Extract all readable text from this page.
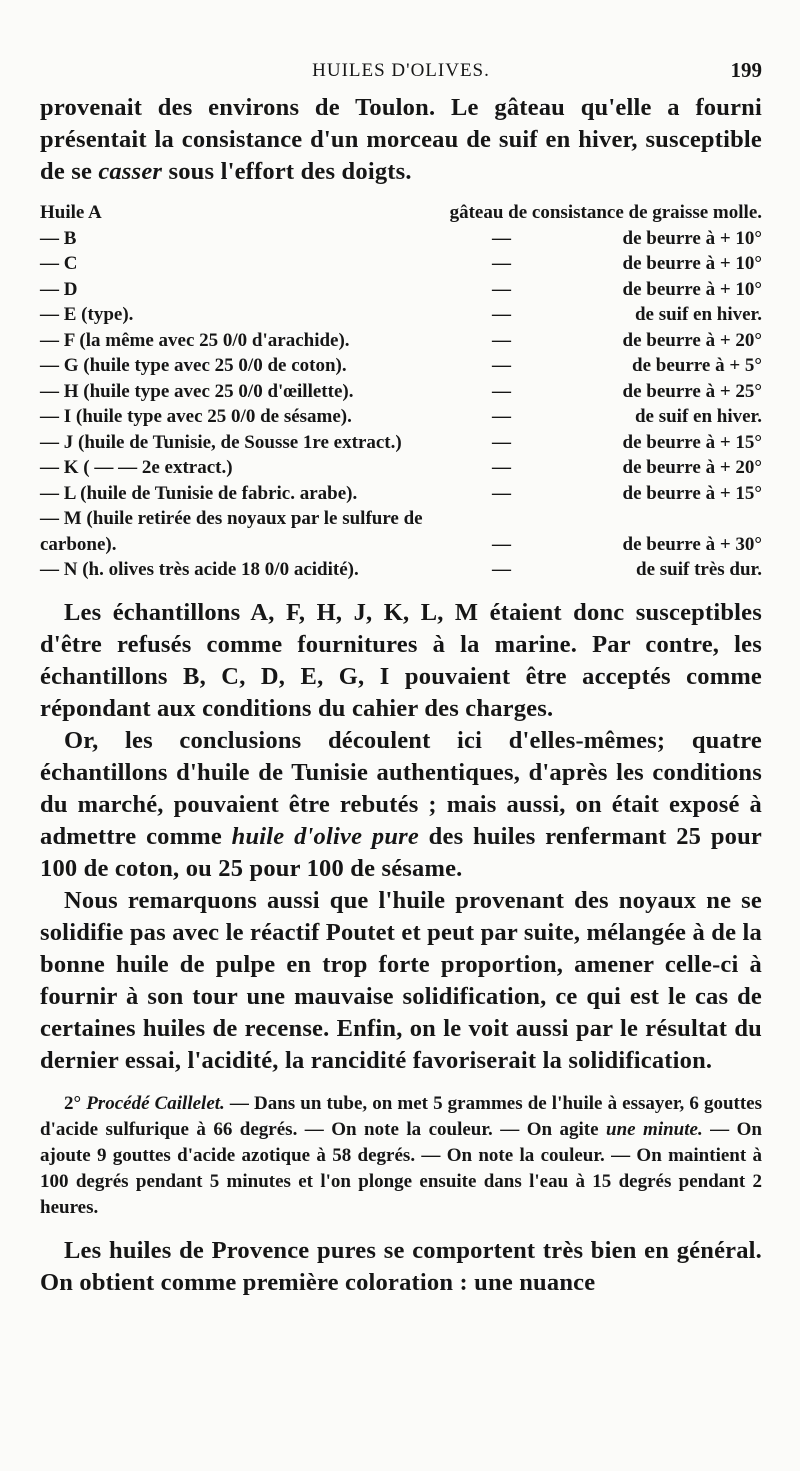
HUILES D'OLIVES.	199

provenait des environs de Toulon. Le gâteau qu'elle a fourni présentait la consistance d'un morceau de suif en hiver, susceptible de se casser sous l'effort des doigts.

Huile A	gâteau de consistance de graisse molle.
— B	—	de beurre à + 10°
— C	—	de beurre à + 10°
— D	—	de beurre à + 10°
— E (type).	—	de suif en hiver.
— F (la même avec 25 0/0 d'arachide).	—	de beurre à + 20°
— G (huile type avec 25 0/0 de coton).	—	de beurre à + 5°
— H (huile type avec 25 0/0 d'œillette).	—	de beurre à + 25°
— I (huile type avec 25 0/0 de sésame).	—	de suif en hiver.
— J (huile de Tunisie, de Sousse 1re extract.)	—	de beurre à + 15°
— K ( — — 2e extract.)	—	de beurre à + 20°
— L (huile de Tunisie de fabric. arabe).	—	de beurre à + 15°
— M (huile retirée des noyaux par le sulfure de carbone).	—	de beurre à + 30°
— N (h. olives très acide 18 0/0 acidité).	—	de suif très dur.

Les échantillons A, F, H, J, K, L, M étaient donc susceptibles d'être refusés comme fournitures à la marine. Par contre, les échantillons B, C, D, E, G, I pouvaient être acceptés comme répondant aux conditions du cahier des charges.

Or, les conclusions découlent ici d'elles-mêmes; quatre échantillons d'huile de Tunisie authentiques, d'après les conditions du marché, pouvaient être rebutés ; mais aussi, on était exposé à admettre comme huile d'olive pure des huiles renfermant 25 pour 100 de coton, ou 25 pour 100 de sésame.

Nous remarquons aussi que l'huile provenant des noyaux ne se solidifie pas avec le réactif Poutet et peut par suite, mélangée à de la bonne huile de pulpe en trop forte proportion, amener celle-ci à fournir à son tour une mauvaise solidification, ce qui est le cas de certaines huiles de recense. Enfin, on le voit aussi par le résultat du dernier essai, l'acidité, la rancidité favoriserait la solidification.

2° Procédé Caillelet. — Dans un tube, on met 5 grammes de l'huile à essayer, 6 gouttes d'acide sulfurique à 66 degrés. — On note la couleur. — On agite une minute. — On ajoute 9 gouttes d'acide azotique à 58 degrés. — On note la couleur. — On maintient à 100 degrés pendant 5 minutes et l'on plonge ensuite dans l'eau à 15 degrés pendant 2 heures.

Les huiles de Provence pures se comportent très bien en général. On obtient comme première coloration : une nuance
